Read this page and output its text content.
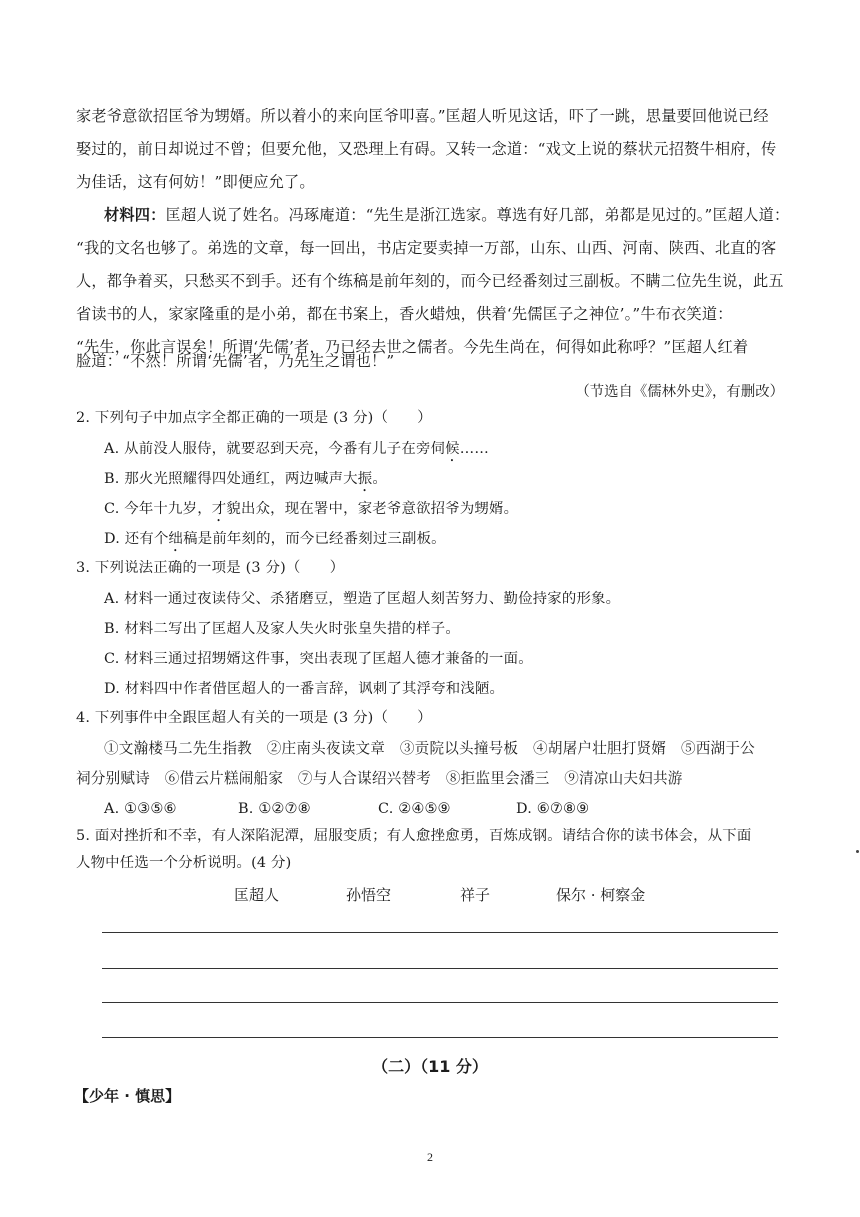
家老爷意欲招匡爷为甥婿。所以着小的来向匡爷叩喜。”匡超人听见这话，吓了一跳，思量要回他说已经
娶过的，前日却说过不曾；但要允他，又恐理上有碍。又转一念道：“戏文上说的蔡状元招赘牛相府，传
为佳话，这有何妨！”即便应允了。
材料四：匡超人说了姓名。冯琢庵道：“先生是浙江选家。尊选有好几部，弟都是见过的。”匡超人道：
“我的文名也够了。弟选的文章，每一回出，书店定要卖掉一万部，山东、山西、河南、陕西、北直的客
人，都争着买，只愁买不到手。还有个练稿是前年刻的，而今已经番刻过三副板。不瞒二位先生说，此五
省读书的人，家家隆重的是小弟，都在书案上，香火蜡烛，供着‘先儒匡子之神位’。”牛布衣笑道：
“先生，你此言误矣！所谓‘先儒’者，乃已经去世之儒者。今先生尚在，何得如此称呼？”匡超人红着
脸道：“不然！所谓‘先儒’者，乃先生之谓也！”
（节选自《儒林外史》，有删改）
2. 下列句子中加点字全都正确的一项是 (3 分)（　　）
A. 从前没人服侍，就要忍到天亮，今番有儿子在旁伺候……
B. 那火光照耀得四处通红，两边喊声大振。
C. 今年十九岁，才貌出众，现在署中，家老爷意欲招爷为甥婿。
D. 还有个绌稿是前年刻的，而今已经番刻过三副板。
3. 下列说法正确的一项是 (3 分)（　　）
A. 材料一通过夜读侍父、杀猪磨豆，塑造了匡超人刻苦努力、勤俭持家的形象。
B. 材料二写出了匡超人及家人失火时张皇失措的样子。
C. 材料三通过招甥婿这件事，突出表现了匡超人德才兼备的一面。
D. 材料四中作者借匡超人的一番言辞，讽刺了其浮夸和浅陋。
4. 下列事件中全跟匡超人有关的一项是 (3 分)（　　）
①文瀚楼马二先生指教　②庄南头夜读文章　③贡院以头撞号板　④胡屠户壮胆打贤婿　⑤西湖于公
祠分别赋诗　⑥借云片糕闹船家　⑦与人合谋绍兴替考　⑧拒监里会潘三　⑨清凉山夫妇共游
A. ①③⑤⑥	B. ①②⑦⑧	C. ②④⑤⑨	D. ⑥⑦⑧⑨
5. 面对挫折和不幸，有人深陷泥潭，屈服变质；有人愈挫愈勇，百炼成钢。请结合你的读书体会，从下面
人物中任选一个分析说明。(4 分)
匡超人	孙悟空	祥子	保尔 · 柯察金
（二）（11 分）
【少年 · 慎思】
2
